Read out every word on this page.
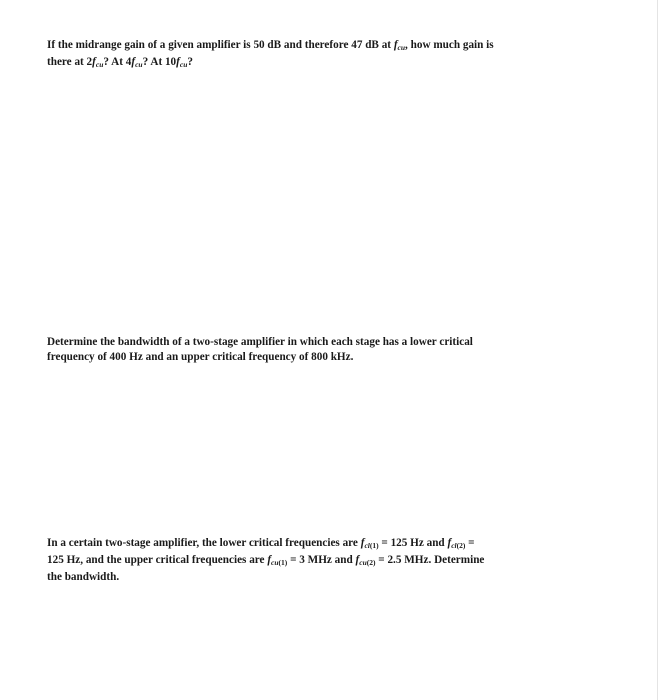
If the midrange gain of a given amplifier is 50 dB and therefore 47 dB at $f_{cu}$, how much gain is
there at $2f_{cu}$? At $4f_{cu}$? At $10f_{cu}$?
Determine the bandwidth of a two-stage amplifier in which each stage has a lower critical
frequency of 400 Hz and an upper critical frequency of 800 kHz.
In a certain two-stage amplifier, the lower critical frequencies are $f_{cl(1)} = 125$ Hz and $f_{cl(2)}$ =
125 Hz, and the upper critical frequencies are $f_{cu(1)} = 3$ MHz and $f_{cu(2)} = 2.5$ MHz. Determine
the bandwidth.
